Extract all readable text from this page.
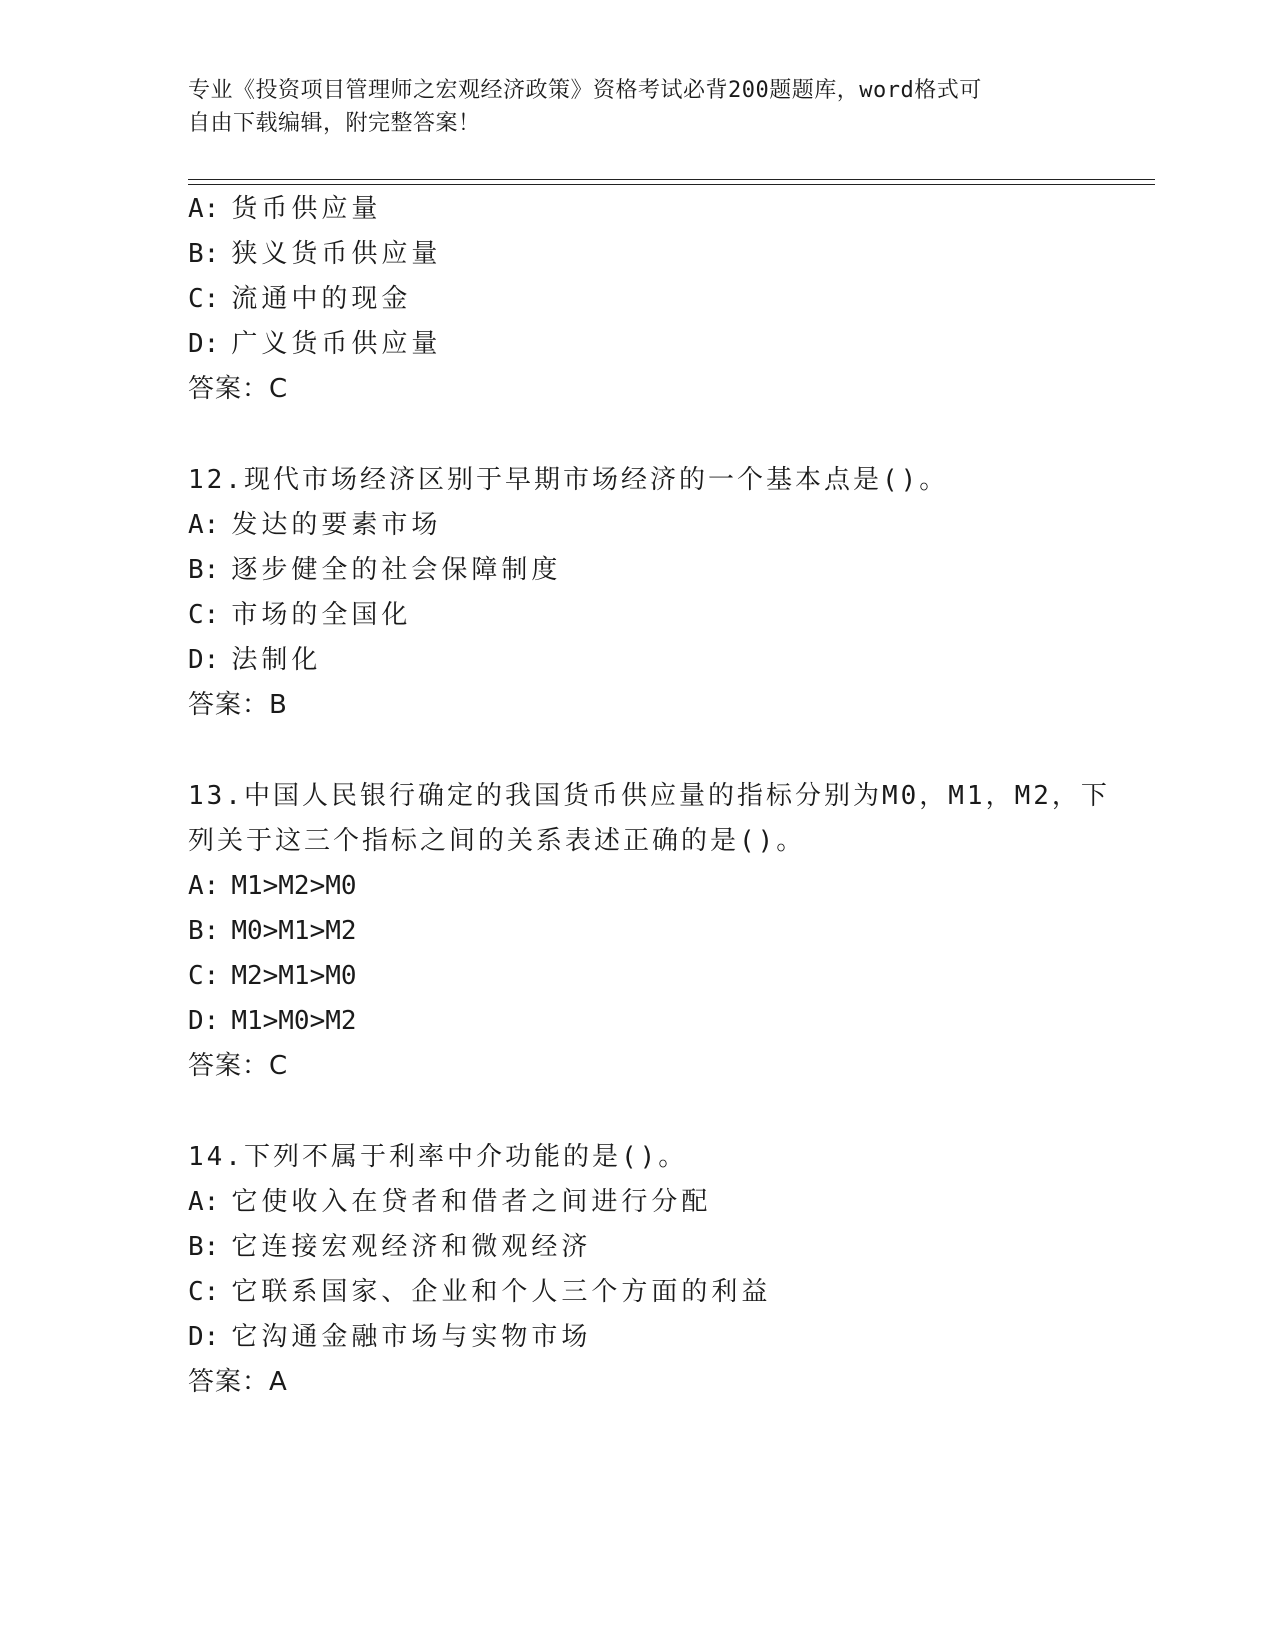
专业《投资项目管理师之宏观经济政策》资格考试必背200题题库，word格式可
自由下载编辑，附完整答案！
A: 货币供应量
B: 狭义货币供应量
C: 流通中的现金
D: 广义货币供应量
答案：C
12.现代市场经济区别于早期市场经济的一个基本点是()。
A: 发达的要素市场
B: 逐步健全的社会保障制度
C: 市场的全国化
D: 法制化
答案：B
13.中国人民银行确定的我国货币供应量的指标分别为M0，M1，M2，下
列关于这三个指标之间的关系表述正确的是()。
A: M1>M2>M0
B: M0>M1>M2
C: M2>M1>M0
D: M1>M0>M2
答案：C
14.下列不属于利率中介功能的是()。
A: 它使收入在贷者和借者之间进行分配
B: 它连接宏观经济和微观经济
C: 它联系国家、企业和个人三个方面的利益
D: 它沟通金融市场与实物市场
答案：A
